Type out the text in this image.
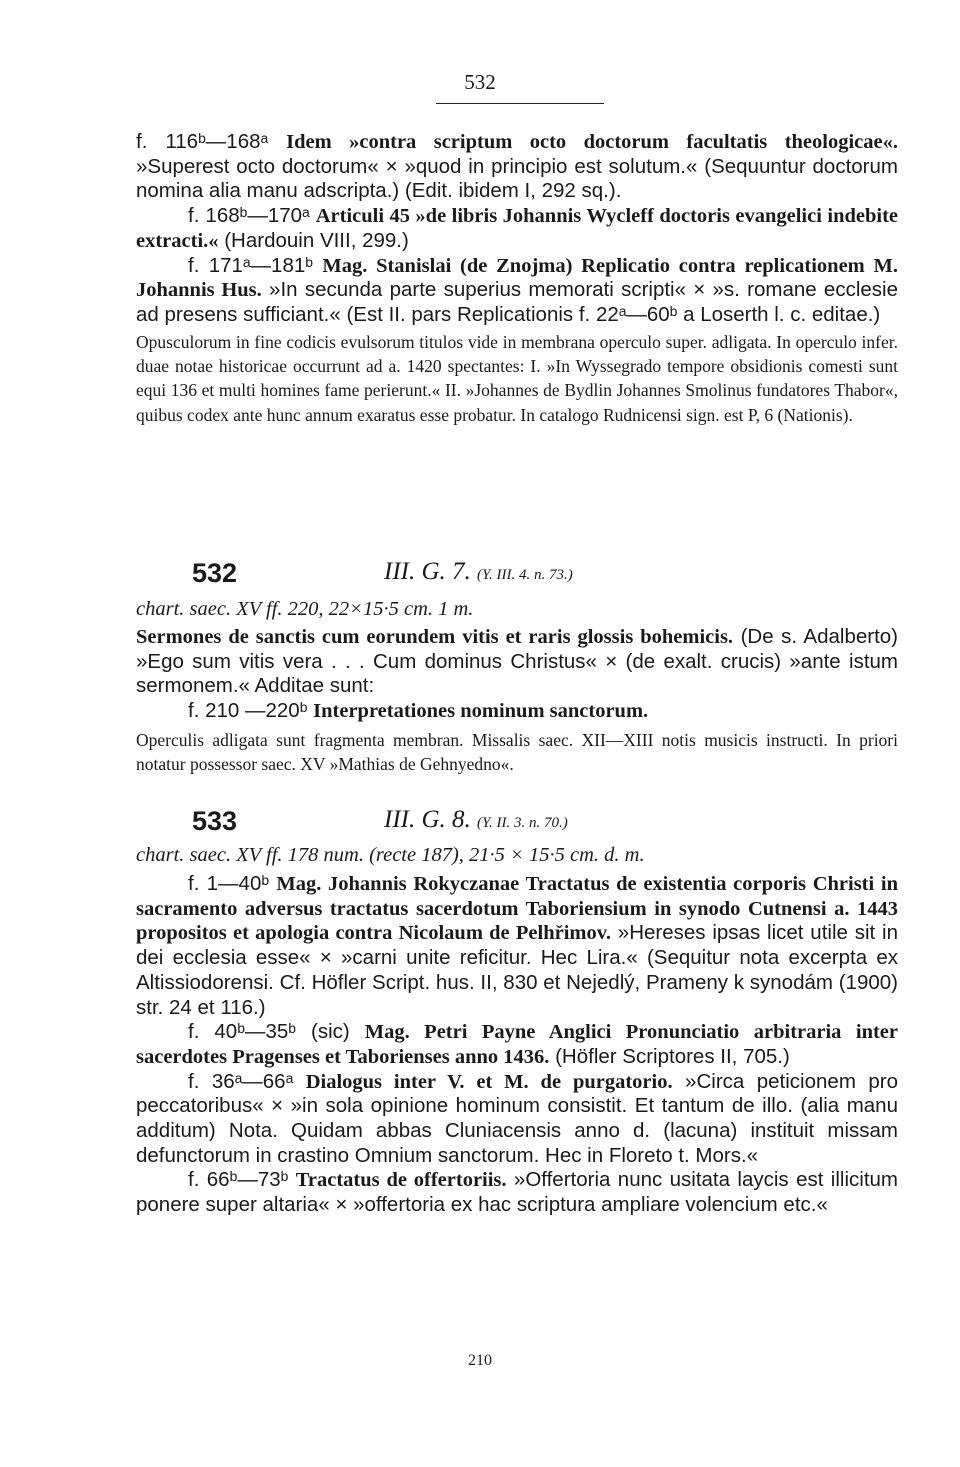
532

f. 116ᵇ—168ᵃ Idem »contra scriptum octo doctorum facultatis theologicae«. »Superest octo doctorum« × »quod in principio est solutum.« (Sequuntur doctorum nomina alia manu adscripta.) (Edit. ibidem I, 292 sq.).

f. 168ᵇ—170ᵃ Articuli 45 »de libris Johannis Wycleff doctoris evangelici indebite extracti.« (Hardouin VIII, 299.)

f. 171ᵃ—181ᵇ Mag. Stanislai (de Znojma) Replicatio contra replicationem M. Johannis Hus. »In secunda parte superius memorati scripti« × »s. romane ecclesie ad presens sufficiant.« (Est II. pars Replicationis f. 22ᵃ—60ᵇ a Loserth l. c. editae.)

Opusculorum in fine codicis evulsorum titulos vide in membrana operculo super. adligata. In operculo infer. duae notae historicae occurrunt ad a. 1420 spectantes: I. »In Wyssegrado tempore obsidionis comesti sunt equi 136 et multi homines fame perierunt.« II. »Johannes de Bydlin Johannes Smolinus fundatores Thabor«, quibus codex ante hunc annum exaratus esse probatur. In catalogo Rudnicensi sign. est P, 6 (Nationis).

532	III. G. 7. (Y. III. 4. n. 73.)

chart. saec. XV ff. 220, 22×15·5 cm. 1 m.

Sermones de sanctis cum eorundem vitis et raris glossis bohemicis. (De s. Adalberto) »Ego sum vitis vera . . . Cum dominus Christus« × (de exalt. crucis) »ante istum sermonem.« Additae sunt:

f. 210 —220ᵇ Interpretationes nominum sanctorum.

Operculis adligata sunt fragmenta membran. Missalis saec. XII—XIII notis musicis instructi. In priori notatur possessor saec. XV »Mathias de Gehnyedno«.

533	III. G. 8. (Y. II. 3. n. 70.)

chart. saec. XV ff. 178 num. (recte 187), 21·5 × 15·5 cm. d. m.

f. 1—40ᵇ Mag. Johannis Rokyczanae Tractatus de existentia corporis Christi in sacramento adversus tractatus sacerdotum Taboriensium in synodo Cutnensi a. 1443 propositos et apologia contra Nicolaum de Pelhřimov. »Hereses ipsas licet utile sit in dei ecclesia esse« × »carni unite reficitur. Hec Lira.« (Sequitur nota excerpta ex Altissiodorensi. Cf. Höfler Script. hus. II, 830 et Nejedlý, Prameny k synodám (1900) str. 24 et 116.)

f. 40ᵇ—35ᵇ (sic) Mag. Petri Payne Anglici Pronunciatio arbitraria inter sacerdotes Pragenses et Taborienses anno 1436. (Höfler Scriptores II, 705.)

f. 36ᵃ—66ᵃ Dialogus inter V. et M. de purgatorio. »Circa peticionem pro peccatoribus« × »in sola opinione hominum consistit. Et tantum de illo. (alia manu additum) Nota. Quidam abbas Cluniacensis anno d. (lacuna) instituit missam defunctorum in crastino Omnium sanctorum. Hec in Floreto t. Mors.«

f. 66ᵇ—73ᵇ Tractatus de offertoriis. »Offertoria nunc usitata laycis est illicitum ponere super altaria« × »offertoria ex hac scriptura ampliare volencium etc.«

210
